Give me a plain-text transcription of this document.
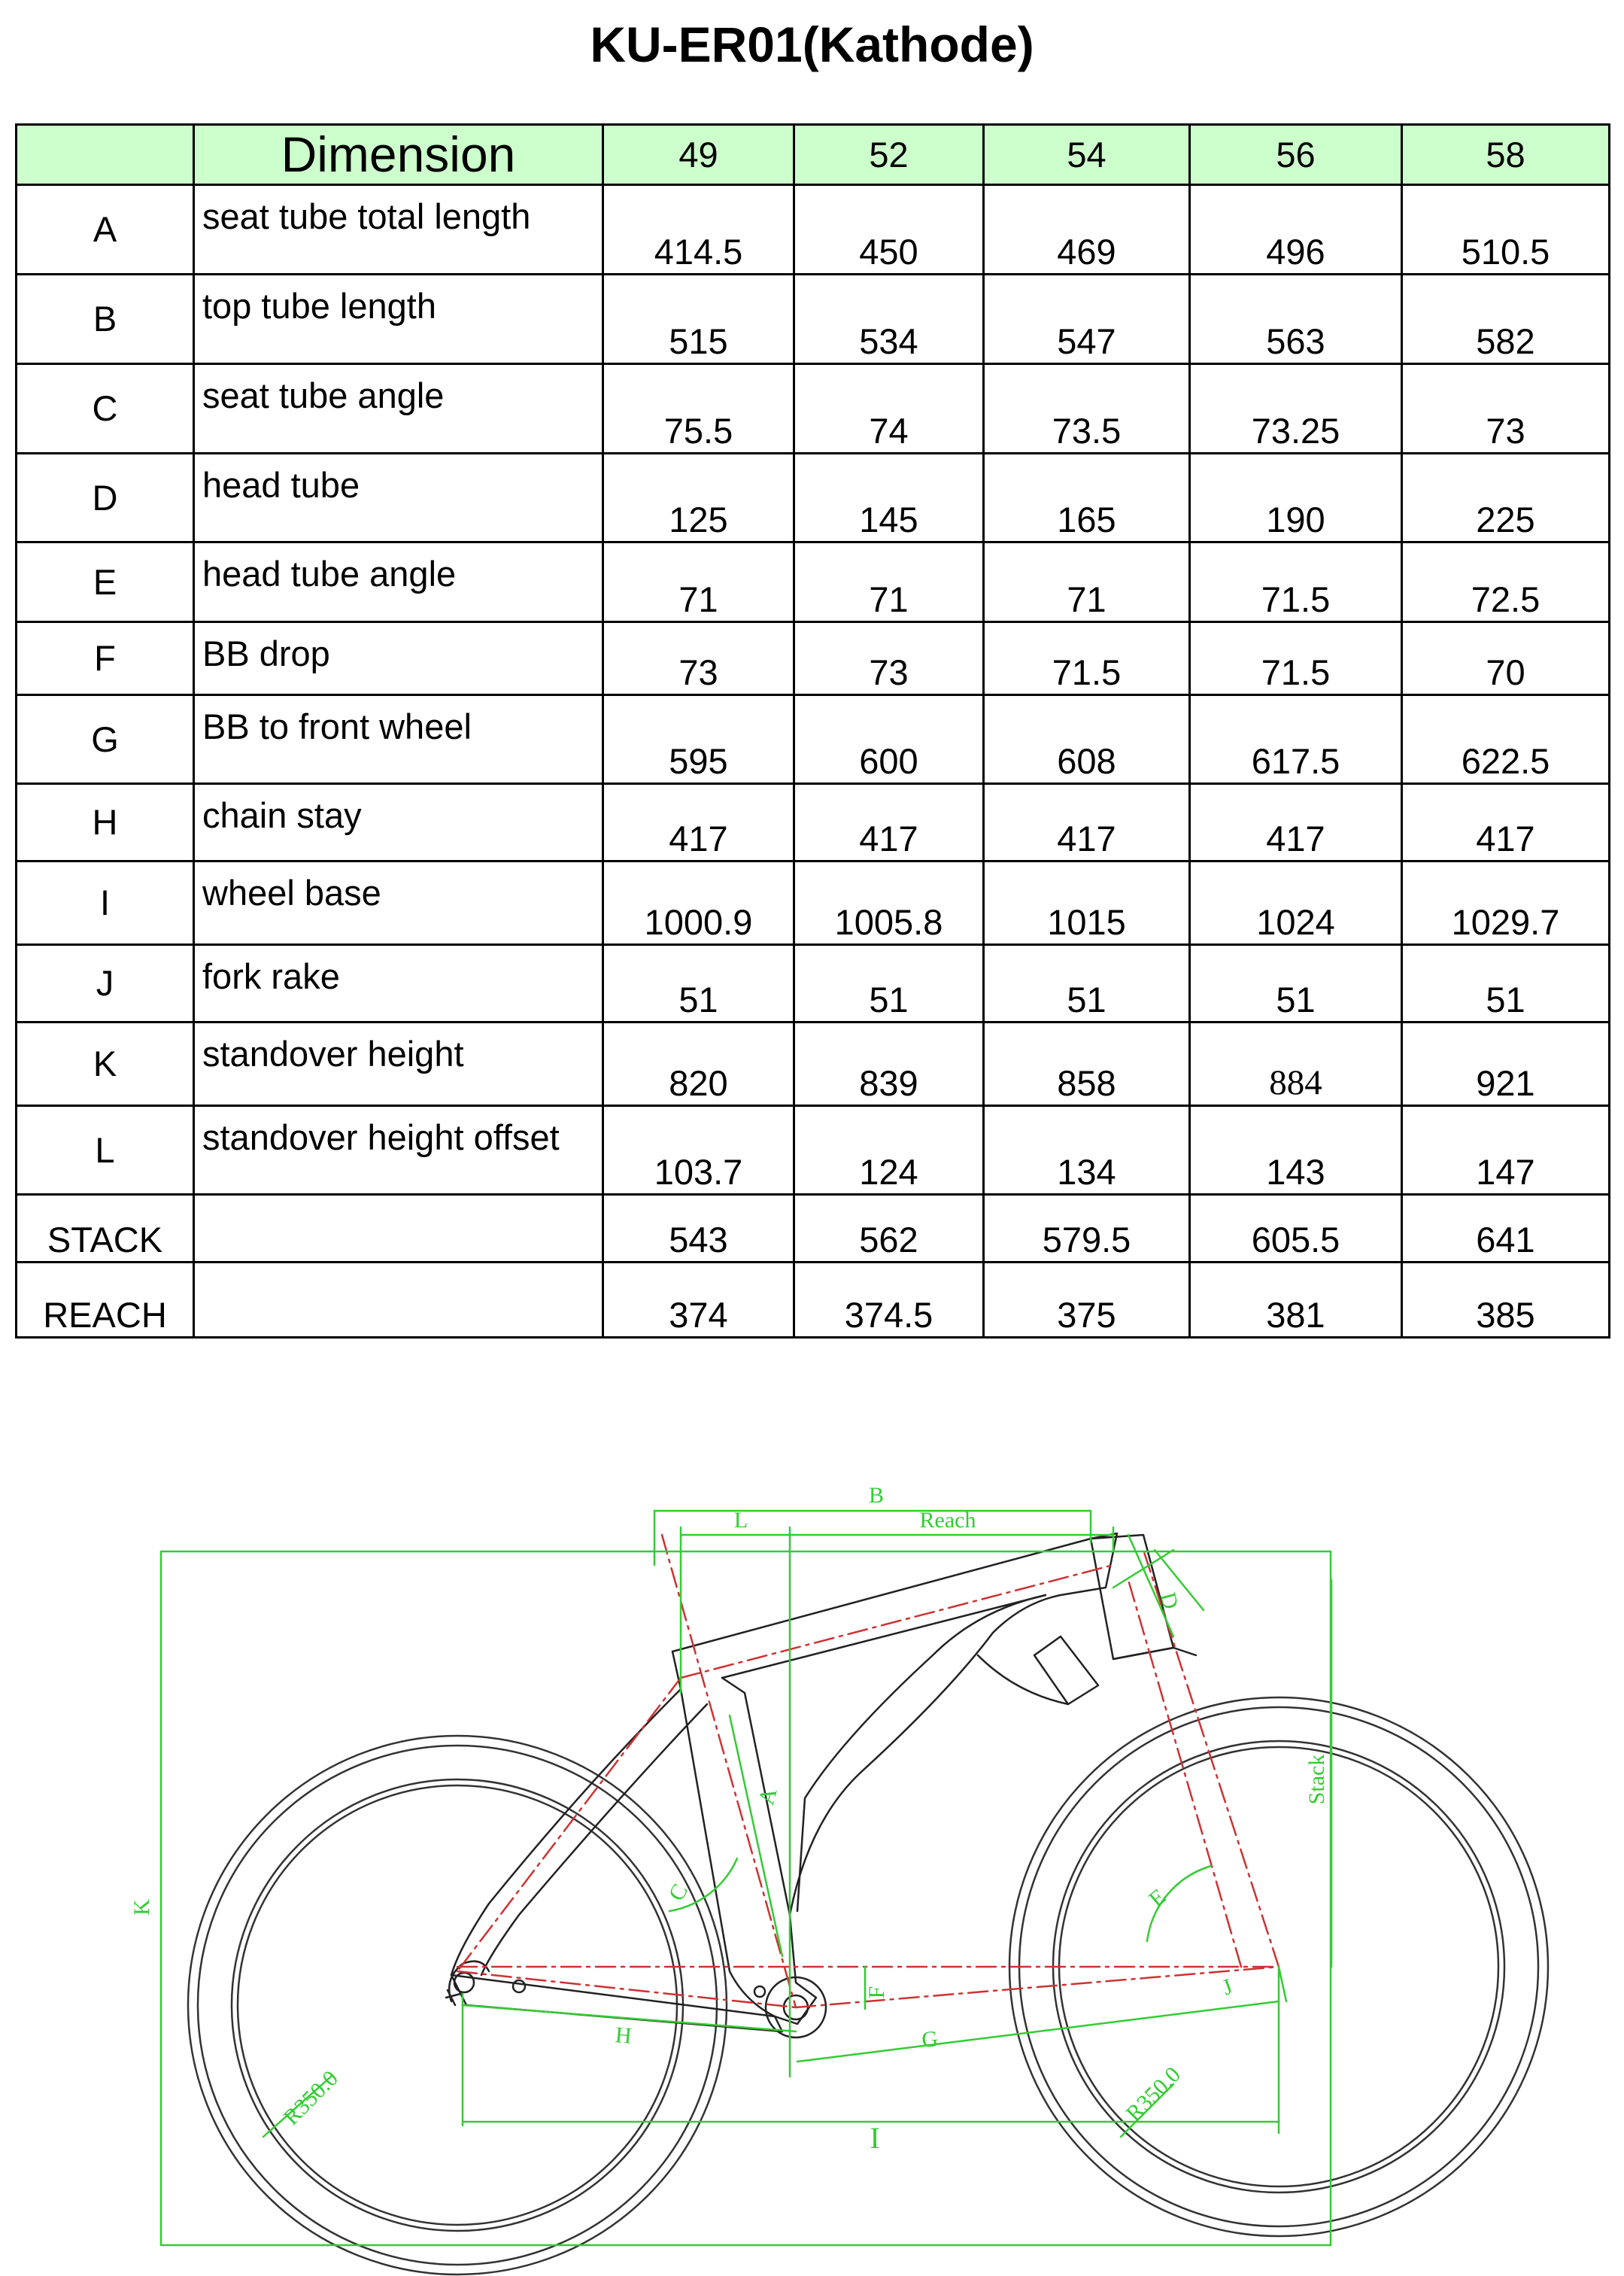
KU-ER01(Kathode)
	Dimension	49	52	54	56	58
A	seat tube total length	414.5	450	469	496	510.5
B	top tube length	515	534	547	563	582
C	seat tube angle	75.5	74	73.5	73.25	73
D	head tube	125	145	165	190	225
E	head tube angle	71	71	71	71.5	72.5
F	BB drop	73	73	71.5	71.5	70
G	BB to front wheel	595	600	608	617.5	622.5
H	chain stay	417	417	417	417	417
I	wheel base	1000.9	1005.8	1015	1024	1029.7
J	fork rake	51	51	51	51	51
K	standover height	820	839	858	884	921
L	standover height offset	103.7	124	134	143	147
STACK		543	562	579.5	605.5	641
REACH		374	374.5	375	381	385
B
Reach
L
D
A	Stack
C	E
K
F	J
H	G
I
R350.0	R350.0
